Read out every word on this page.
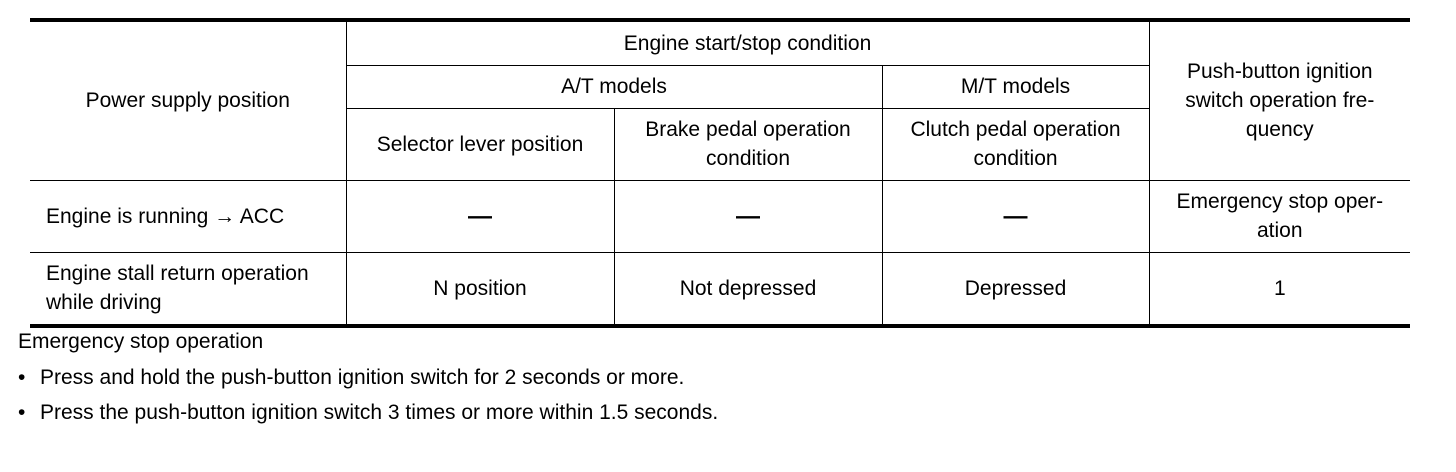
Power supply position	Engine start/stop condition			Push-button ignition switch operation fre-quency
	A/T models		M/T models	
	Selector lever position	Brake pedal operation condition	Clutch pedal operation condition	
Engine is running → ACC	—	—	—	Emergency stop oper-ation
Engine stall return operation while driving	N position	Not depressed	Depressed	1

Emergency stop operation

• Press and hold the push-button ignition switch for 2 seconds or more.
• Press the push-button ignition switch 3 times or more within 1.5 seconds.
